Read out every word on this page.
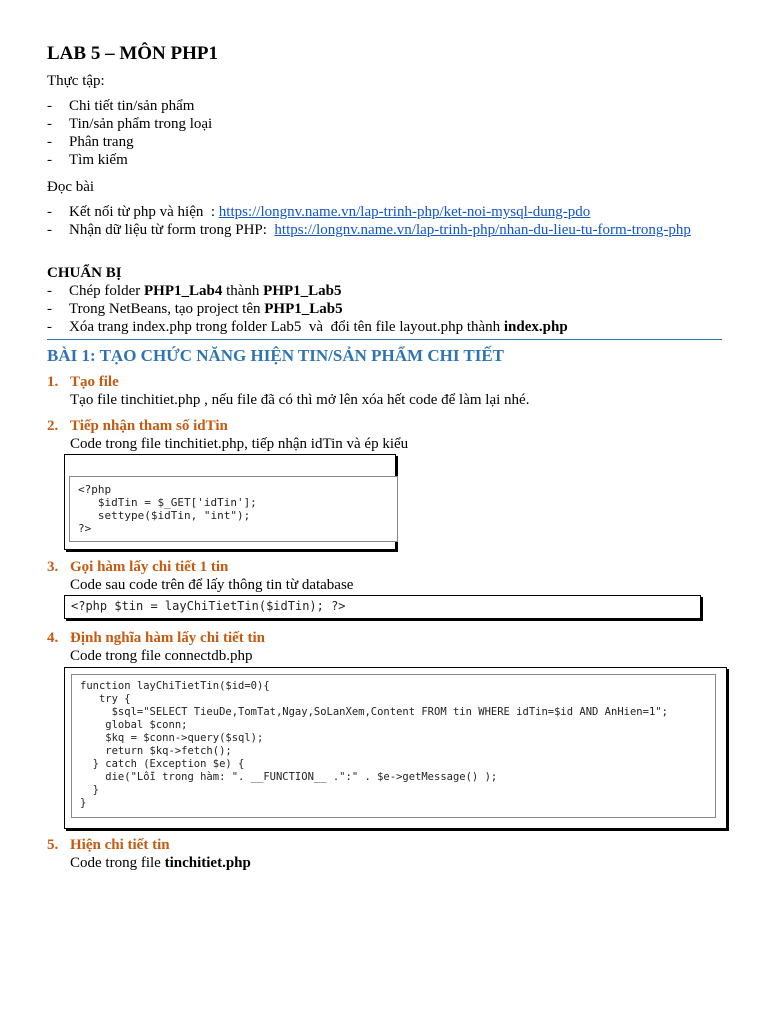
LAB 5 – MÔN PHP1
Thực tập:
-	Chi tiết tin/sản phẩm
-	Tin/sản phẩm trong loại
-	Phân trang
-	Tìm kiếm
Đọc bài
-	Kết nối từ php và hiện  : https://longnv.name.vn/lap-trinh-php/ket-noi-mysql-dung-pdo
-	Nhận dữ liệu từ form trong PHP:  https://longnv.name.vn/lap-trinh-php/nhan-du-lieu-tu-form-trong-php
CHUẨN BỊ
-	Chép folder PHP1_Lab4 thành PHP1_Lab5
-	Trong NetBeans, tạo project tên PHP1_Lab5
-	Xóa trang index.php trong folder Lab5  và  đổi tên file layout.php thành index.php
BÀI 1: TẠO CHỨC NĂNG HIỆN TIN/SẢN PHẨM CHI TIẾT
1. Tạo file
Tạo file tinchitiet.php , nếu file đã có thì mở lên xóa hết code để làm lại nhé.
2. Tiếp nhận tham số idTin
Code trong file tinchitiet.php, tiếp nhận idTin và ép kiểu
<?php
$idTin = $_GET['idTin'];
settype($idTin, "int");
?>
3. Gọi hàm lấy chi tiết 1 tin
Code sau code trên để lấy thông tin từ database
<?php $tin = layChiTietTin($idTin); ?>
4. Định nghĩa hàm lấy chi tiết tin
Code trong file connectdb.php
function layChiTietTin($id=0){
try {
$sql="SELECT TieuDe,TomTat,Ngay,SoLanXem,Content FROM tin WHERE idTin=$id AND AnHien=1";
global $conn;
$kq = $conn->query($sql);
return $kq->fetch();
} catch (Exception $e) {
die("Lỗi trong hàm: ". __FUNCTION__ .":" . $e->getMessage() );
}
}
5. Hiện chi tiết tin
Code trong file tinchitiet.php
